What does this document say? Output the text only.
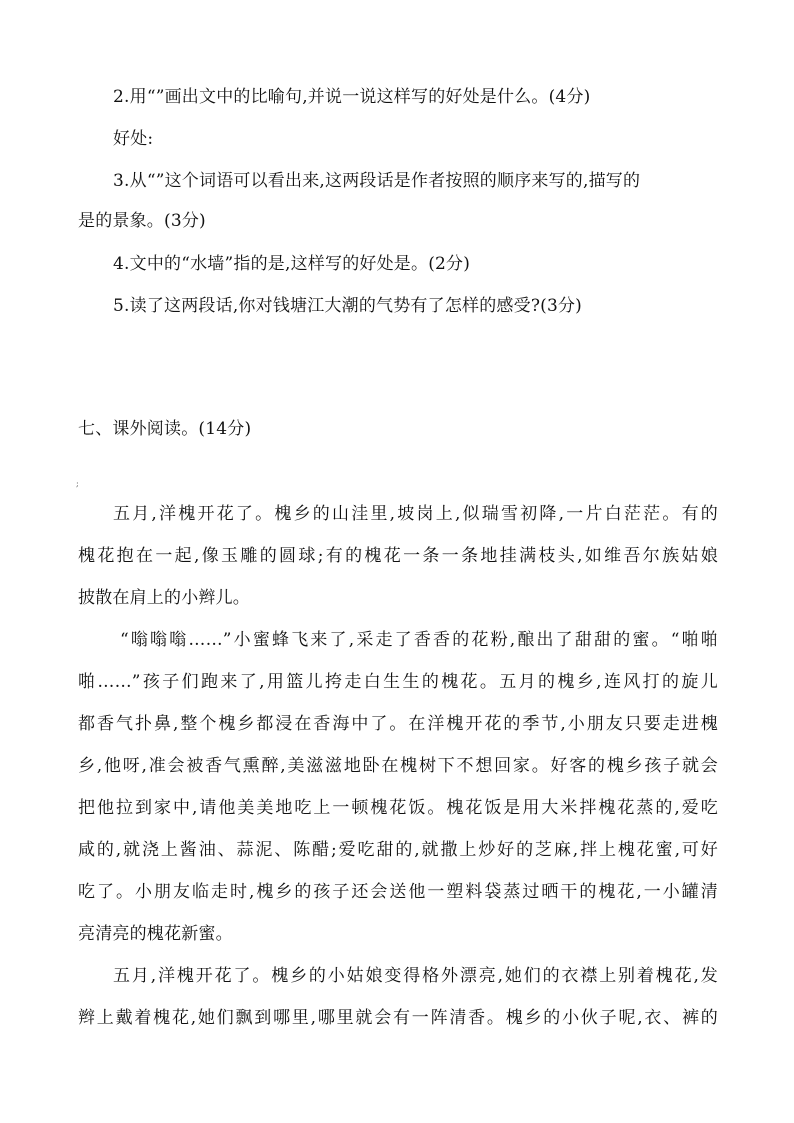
2.用“”画出文中的比喻句,并说一说这样写的好处是什么。(4分)
好处:
3.从“”这个词语可以看出来,这两段话是作者按照的顺序来写的,描写的
是的景象。(3分)
4.文中的“水墙”指的是,这样写的好处是。(2分)
5.读了这两段话,你对钱塘江大潮的气势有了怎样的感受?(3分)
七、课外阅读。(14分)
;
五月,洋槐开花了。槐乡的山洼里,坡岗上,似瑞雪初降,一片白茫茫。有的
槐花抱在一起,像玉雕的圆球;有的槐花一条一条地挂满枝头,如维吾尔族姑娘
披散在肩上的小辫儿。
“嗡嗡嗡……”小蜜蜂飞来了,采走了香香的花粉,酿出了甜甜的蜜。“啪啪
啪……”孩子们跑来了,用篮儿挎走白生生的槐花。五月的槐乡,连风打的旋儿
都香气扑鼻,整个槐乡都浸在香海中了。在洋槐开花的季节,小朋友只要走进槐
乡,他呀,准会被香气熏醉,美滋滋地卧在槐树下不想回家。好客的槐乡孩子就会
把他拉到家中,请他美美地吃上一顿槐花饭。槐花饭是用大米拌槐花蒸的,爱吃
咸的,就浇上酱油、蒜泥、陈醋;爱吃甜的,就撒上炒好的芝麻,拌上槐花蜜,可好
吃了。小朋友临走时,槐乡的孩子还会送他一塑料袋蒸过晒干的槐花,一小罐清
亮清亮的槐花新蜜。
五月,洋槐开花了。槐乡的小姑娘变得格外漂亮,她们的衣襟上别着槐花,发
辫上戴着槐花,她们飘到哪里,哪里就会有一阵清香。槐乡的小伙子呢,衣、裤的
